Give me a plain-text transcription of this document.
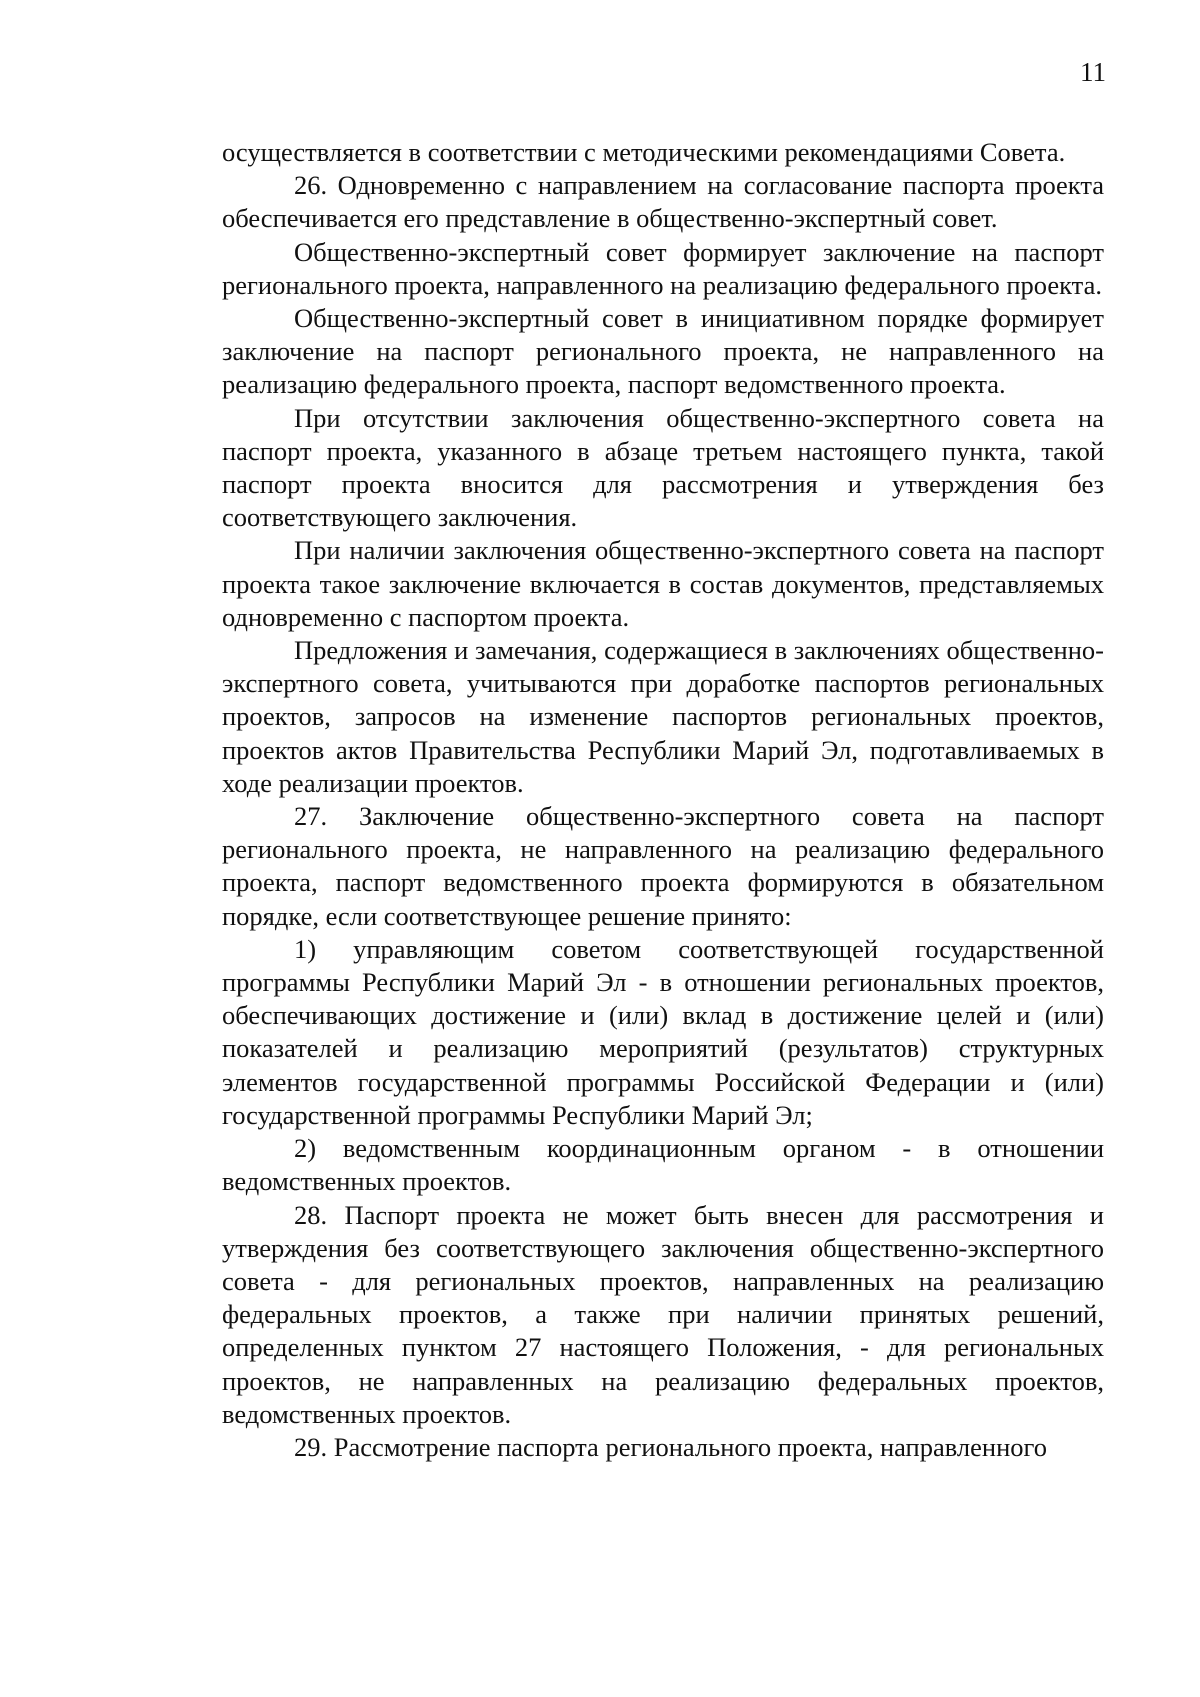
11

осуществляется в соответствии с методическими рекомендациями Совета.

26. Одновременно с направлением на согласование паспорта проекта обеспечивается его представление в общественно-экспертный совет.

Общественно-экспертный совет формирует заключение на паспорт регионального проекта, направленного на реализацию федерального проекта.

Общественно-экспертный совет в инициативном порядке формирует заключение на паспорт регионального проекта, не направленного на реализацию федерального проекта, паспорт ведомственного проекта.

При отсутствии заключения общественно-экспертного совета на паспорт проекта, указанного в абзаце третьем настоящего пункта, такой паспорт проекта вносится для рассмотрения и утверждения без соответствующего заключения.

При наличии заключения общественно-экспертного совета на паспорт проекта такое заключение включается в состав документов, представляемых одновременно с паспортом проекта.

Предложения и замечания, содержащиеся в заключениях общественно-экспертного совета, учитываются при доработке паспортов региональных проектов, запросов на изменение паспортов региональных проектов, проектов актов Правительства Республики Марий Эл, подготавливаемых в ходе реализации проектов.

27. Заключение общественно-экспертного совета на паспорт регионального проекта, не направленного на реализацию федерального проекта, паспорт ведомственного проекта формируются в обязательном порядке, если соответствующее решение принято:

1) управляющим советом соответствующей государственной программы Республики Марий Эл - в отношении региональных проектов, обеспечивающих достижение и (или) вклад в достижение целей и (или) показателей и реализацию мероприятий (результатов) структурных элементов государственной программы Российской Федерации и (или) государственной программы Республики Марий Эл;

2) ведомственным координационным органом - в отношении ведомственных проектов.

28. Паспорт проекта не может быть внесен для рассмотрения и утверждения без соответствующего заключения общественно-экспертного совета - для региональных проектов, направленных на реализацию федеральных проектов, а также при наличии принятых решений, определенных пунктом 27 настоящего Положения, - для региональных проектов, не направленных на реализацию федеральных проектов, ведомственных проектов.

29. Рассмотрение паспорта регионального проекта, направленного
